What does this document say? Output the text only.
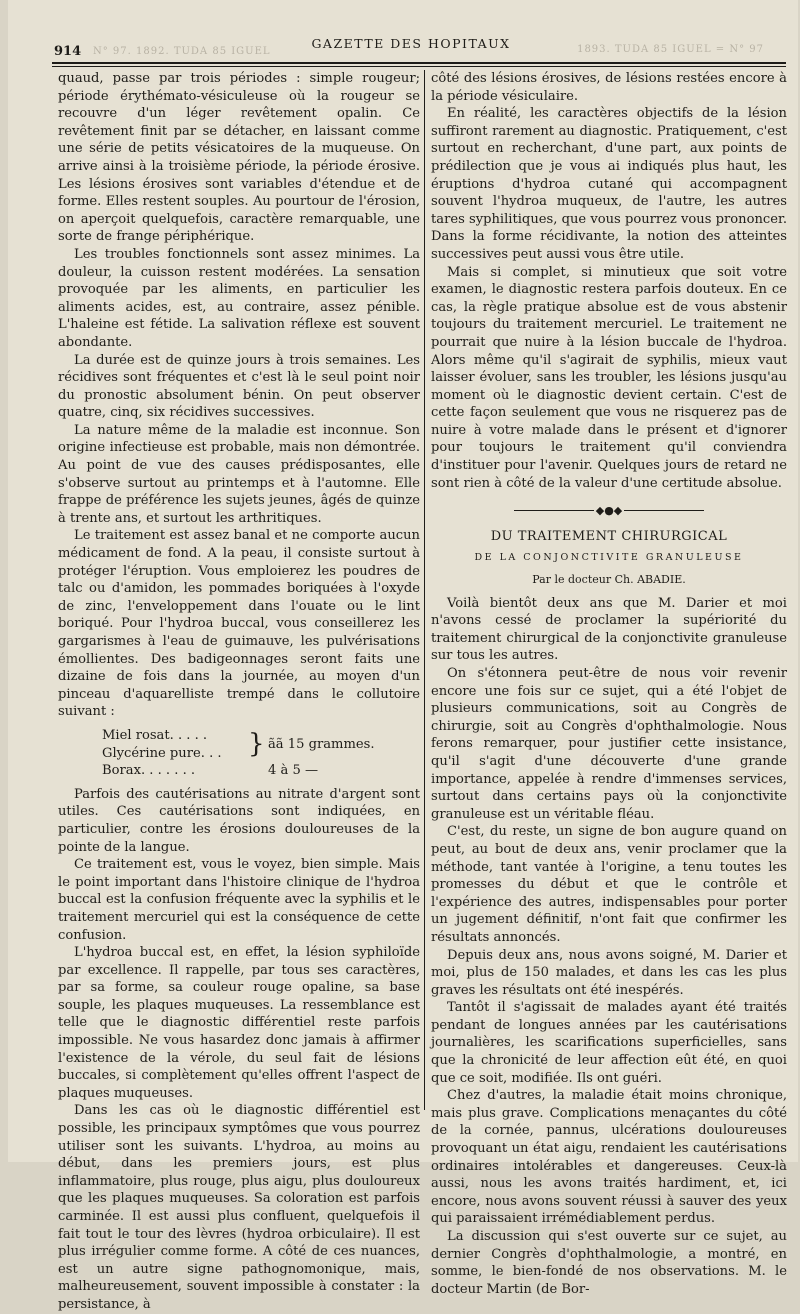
914 N° 97. 1892. TUDA 85 IGUEL
GAZETTE DES HOPITAUX	1893. TUDA 85 IGUEL = N° 97

quaud, passe par trois périodes : simple rougeur; période érythémato-vésiculeuse où la rougeur se recouvre d'un léger revêtement opalin. Ce revêtement finit par se détacher, en laissant comme une série de petits vésicatoires de la muqueuse. On arrive ainsi à la troisième période, la période érosive. Les lésions érosives sont variables d'étendue et de forme. Elles restent souples. Au pourtour de l'érosion, on aperçoit quelquefois, caractère remarquable, une sorte de frange périphérique.

Les troubles fonctionnels sont assez minimes. La douleur, la cuisson restent modérées. La sensation provoquée par les aliments, en particulier les aliments acides, est, au contraire, assez pénible. L'haleine est fétide. La salivation réflexe est souvent abondante.

La durée est de quinze jours à trois semaines. Les récidives sont fréquentes et c'est là le seul point noir du pronostic absolument bénin. On peut observer quatre, cinq, six récidives successives.

La nature même de la maladie est inconnue. Son origine infectieuse est probable, mais non démontrée. Au point de vue des causes prédisposantes, elle s'observe surtout au printemps et à l'automne. Elle frappe de préférence les sujets jeunes, âgés de quinze à trente ans, et surtout les arthritiques.

Le traitement est assez banal et ne comporte aucun médicament de fond. A la peau, il consiste surtout à protéger l'éruption. Vous emploierez les poudres de talc ou d'amidon, les pommades boriquées à l'oxyde de zinc, l'enveloppement dans l'ouate ou le lint boriqué. Pour l'hydroa buccal, vous conseillerez les gargarismes à l'eau de guimauve, les pulvérisations émollientes. Des badigeonnages seront faits une dizaine de fois dans la journée, au moyen d'un pinceau d'aquarelliste trempé dans le collutoire suivant :

Miel rosat. . . . .
Glycérine pure. . .	} ãã 15 grammes.
Borax. . . . . . .	4 à 5 —

Parfois des cautérisations au nitrate d'argent sont utiles. Ces cautérisations sont indiquées, en particulier, contre les érosions douloureuses de la pointe de la langue.

Ce traitement est, vous le voyez, bien simple. Mais le point important dans l'histoire clinique de l'hydroa buccal est la confusion fréquente avec la syphilis et le traitement mercuriel qui est la conséquence de cette confusion.

L'hydroa buccal est, en effet, la lésion syphiloïde par excellence. Il rappelle, par tous ses caractères, par sa forme, sa couleur rouge opaline, sa base souple, les plaques muqueuses. La ressemblance est telle que le diagnostic différentiel reste parfois impossible. Ne vous hasardez donc jamais à affirmer l'existence de la vérole, du seul fait de lésions buccales, si complètement qu'elles offrent l'aspect de plaques muqueuses.

Dans les cas où le diagnostic différentiel est possible, les principaux symptômes que vous pourrez utiliser sont les suivants. L'hydroa, au moins au début, dans les premiers jours, est plus inflammatoire, plus rouge, plus aigu, plus douloureux que les plaques muqueuses. Sa coloration est parfois carminée. Il est aussi plus confluent, quelquefois il fait tout le tour des lèvres (hydroa orbiculaire). Il est plus irrégulier comme forme. A côté de ces nuances, est un autre signe pathognomonique, mais, malheureusement, souvent impossible à constater : la persistance, à

côté des lésions érosives, de lésions restées encore à la période vésiculaire.

En réalité, les caractères objectifs de la lésion suffiront rarement au diagnostic. Pratiquement, c'est surtout en recherchant, d'une part, aux points de prédilection que je vous ai indiqués plus haut, les éruptions d'hydroa cutané qui accompagnent souvent l'hydroa muqueux, de l'autre, les autres tares syphilitiques, que vous pourrez vous prononcer. Dans la forme récidivante, la notion des atteintes successives peut aussi vous être utile.

Mais si complet, si minutieux que soit votre examen, le diagnostic restera parfois douteux. En ce cas, la règle pratique absolue est de vous abstenir toujours du traitement mercuriel. Le traitement ne pourrait que nuire à la lésion buccale de l'hydroa. Alors même qu'il s'agirait de syphilis, mieux vaut laisser évoluer, sans les troubler, les lésions jusqu'au moment où le diagnostic devient certain. C'est de cette façon seulement que vous ne risquerez pas de nuire à votre malade dans le présent et d'ignorer pour toujours le traitement qu'il conviendra d'instituer pour l'avenir. Quelques jours de retard ne sont rien à côté de la valeur d'une certitude absolue.

◆●◆
DU TRAITEMENT CHIRURGICAL
DE LA CONJONCTIVITE GRANULEUSE
Par le docteur Ch. ABADIE.

Voilà bientôt deux ans que M. Darier et moi n'avons cessé de proclamer la supériorité du traitement chirurgical de la conjonctivite granuleuse sur tous les autres.

On s'étonnera peut-être de nous voir revenir encore une fois sur ce sujet, qui a été l'objet de plusieurs communications, soit au Congrès de chirurgie, soit au Congrès d'ophthalmologie. Nous ferons remarquer, pour justifier cette insistance, qu'il s'agit d'une découverte d'une grande importance, appelée à rendre d'immenses services, surtout dans certains pays où la conjonctivite granuleuse est un véritable fléau.

C'est, du reste, un signe de bon augure quand on peut, au bout de deux ans, venir proclamer que la méthode, tant vantée à l'origine, a tenu toutes les promesses du début et que le contrôle et l'expérience des autres, indispensables pour porter un jugement définitif, n'ont fait que confirmer les résultats annoncés.

Depuis deux ans, nous avons soigné, M. Darier et moi, plus de 150 malades, et dans les cas les plus graves les résultats ont été inespérés.

Tantôt il s'agissait de malades ayant été traités pendant de longues années par les cautérisations journalières, les scarifications superficielles, sans que la chronicité de leur affection eût été, en quoi que ce soit, modifiée. Ils ont guéri.

Chez d'autres, la maladie était moins chronique, mais plus grave. Complications menaçantes du côté de la cornée, pannus, ulcérations douloureuses provoquant un état aigu, rendaient les cautérisations ordinaires intolérables et dangereuses. Ceux-là aussi, nous les avons traités hardiment, et, ici encore, nous avons souvent réussi à sauver des yeux qui paraissaient irrémédiablement perdus.

La discussion qui s'est ouverte sur ce sujet, au dernier Congrès d'ophthalmologie, a montré, en somme, le bien-fondé de nos observations. M. le docteur Martin (de Bor-
